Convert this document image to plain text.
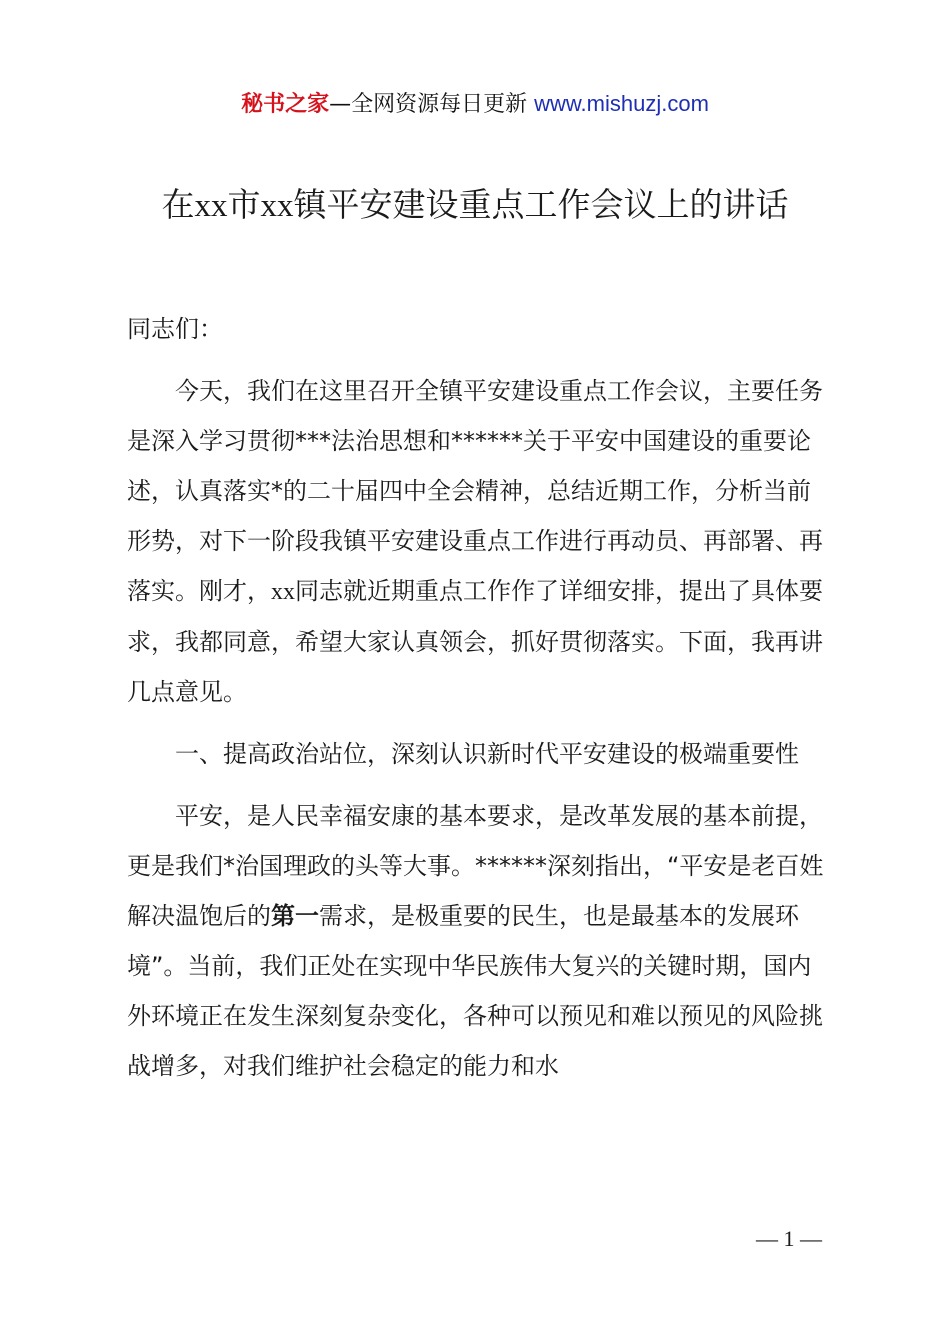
秘书之家—全网资源每日更新 www.mishuzj.com
在xx市xx镇平安建设重点工作会议上的讲话

同志们：

今天，我们在这里召开全镇平安建设重点工作会议，主要任务是深入学习贯彻***法治思想和******关于平安中国建设的重要论述，认真落实*的二十届四中全会精神，总结近期工作，分析当前形势，对下一阶段我镇平安建设重点工作进行再动员、再部署、再落实。刚才，xx同志就近期重点工作作了详细安排，提出了具体要求，我都同意，希望大家认真领会，抓好贯彻落实。下面，我再讲几点意见。

一、提高政治站位，深刻认识新时代平安建设的极端重要性

平安，是人民幸福安康的基本要求，是改革发展的基本前提，更是我们*治国理政的头等大事。******深刻指出，“平安是老百姓解决温饱后的第一需求，是极重要的民生，也是最基本的发展环境”。当前，我们正处在实现中华民族伟大复兴的关键时期，国内外环境正在发生深刻复杂变化，各种可以预见和难以预见的风险挑战增多，对我们维护社会稳定的能力和水

— 1 —
